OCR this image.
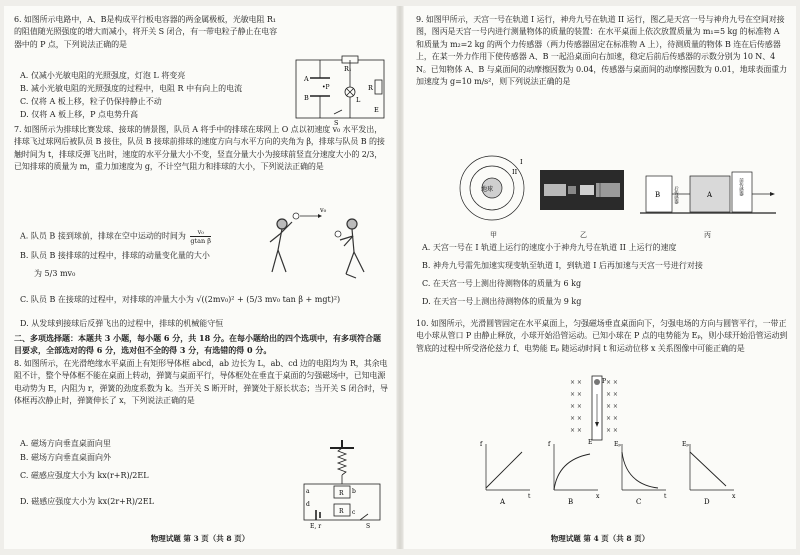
6. 如图所示电路中，A、B是构成平行板电容器的两金属极板，光敏电阻 R₁ 的阻值随光照强度的增大而减小，将开关 S 闭合，有一带电粒子静止在电容器中的 P 点，下列说法正确的是
A. 仅减小光敏电阻的光照强度，灯泡 L 将变亮
B. 减小光敏电阻的光照强度的过程中，电阻 R 中有向上的电流
C. 仅将 A 板上移，粒子仍保持静止不动
D. 仅将 A 板上移，P 点电势升高
A
B
•P
R₁
R
L
E
S
7. 如图所示为排球比赛发球、接球的情景图，队员 A 将手中的排球在球网上 O 点以初速度 v₀ 水平发出，排球飞过球网后被队员 B 接住，队员 B 接球前排球的速度方向与水平方向的夹角为 β，排球与队员 B 的接触时间为 t，排球反弹飞出时，速度的水平分量大小不变，竖直分量大小为接球前竖直分速度大小的 2/3，已知排球的质量为 m，重力加速度为 g，不计空气阻力和排球的大小，下列说法正确的是
A. 队员 B 接到球前，排球在空中运动的时间为 $\frac{\text{v₀}}{\text{gtan β}}$
B. 队员 B 接排球的过程中，排球的动量变化量的大小
为 5/3 mv₀
C. 队员 B 在接球的过程中，对排球的冲量大小为 √((2mv₀)² + (5/3 mv₀ tan β + mgt)²)
D. 从发球到接球后反弹飞出的过程中，排球的机械能守恒
v₀
二、多项选择题：本题共 3 小题，每小题 6 分，共 18 分。在每小题给出的四个选项中，有多项符合题目要求，全部选对的得 6 分，选对但不全的得 3 分，有选错的得 0 分。
8. 如图所示，在光滑绝缘水平桌面上有矩形导体框 abcd，ab 边长为 L，ab、cd 边的电阻均为 R，其余电阻不计，整个导体框不能在桌面上转动，弹簧与桌面平行，导体框处在垂直于桌面的匀强磁场中，已知电源电动势为 E，内阻为 r，弹簧的劲度系数为 k。当开关 S 断开时，弹簧处于原长状态；当开关 S 闭合时，导体框再次静止时，弹簧伸长了 x，下列说法正确的是
A. 磁场方向垂直桌面向里
B. 磁场方向垂直桌面向外
C. 磁感应强度大小为 kx(r+R)/2EL
D. 磁感应强度大小为 kx(2r+R)/2EL
a	b
c
d
R
R
E, r	S
物理试题 第 3 页（共 8 页）
9. 如图甲所示，天宫一号在轨道 I 运行，神舟九号在轨道 II 运行，图乙是天宫一号与神舟九号在空间对接图，图丙是天宫一号内进行测量物体的质量的装置：在水平桌面上依次放置质量为 m₁=5 kg 的标准物 A 和质量为 m₂=2 kg 的两个力传感器（两力传感器固定在标准物 A 上），待测质量的物体 B 连在后传感器上，在某一外力作用下使传感器 A、B 一起沿桌面向右加速，稳定后前后传感器的示数分别为 10 N、4 N。已知物体 A、B 与桌面间的动摩擦因数为 0.04，传感器与桌面间的动摩擦因数为 0.01，地球表面重力加速度为 g=10 m/s²，则下列说法正确的是
地球
I
II
甲	乙
B	A
后传感器	前传感器
丙
A. 天宫一号在 I 轨道上运行的速度小于神舟九号在轨道 II 上运行的速度
B. 神舟九号需先加速实现变轨至轨道 I，到轨道 I 后再加速与天宫一号进行对接
C. 在天宫一号上测出待测物体的质量为 6 kg
D. 在天宫一号上测出待测物体的质量为 9 kg
10. 如图所示，光滑圆管固定在水平桌面上，匀强磁场垂直桌面向下，匀强电场的方向与圆管平行，一带正电小球从管口 P 由静止释放，小球开始沿管运动。已知小球在 P 点的电势能为 Eₚ，则小球开始沿管运动到管底的过程中所受洛伦兹力 f、电势能 Eₚ 随运动时间 t 和运动位移 x 关系图像中可能正确的是
× ×	× ×
× ×	× ×
× ×	× ×
× ×	× ×
× ×	× ×
P
E
f
t
A
f
x
B
Eₚ
t
C
Eₚ
x
D
物理试题 第 4 页（共 8 页）
